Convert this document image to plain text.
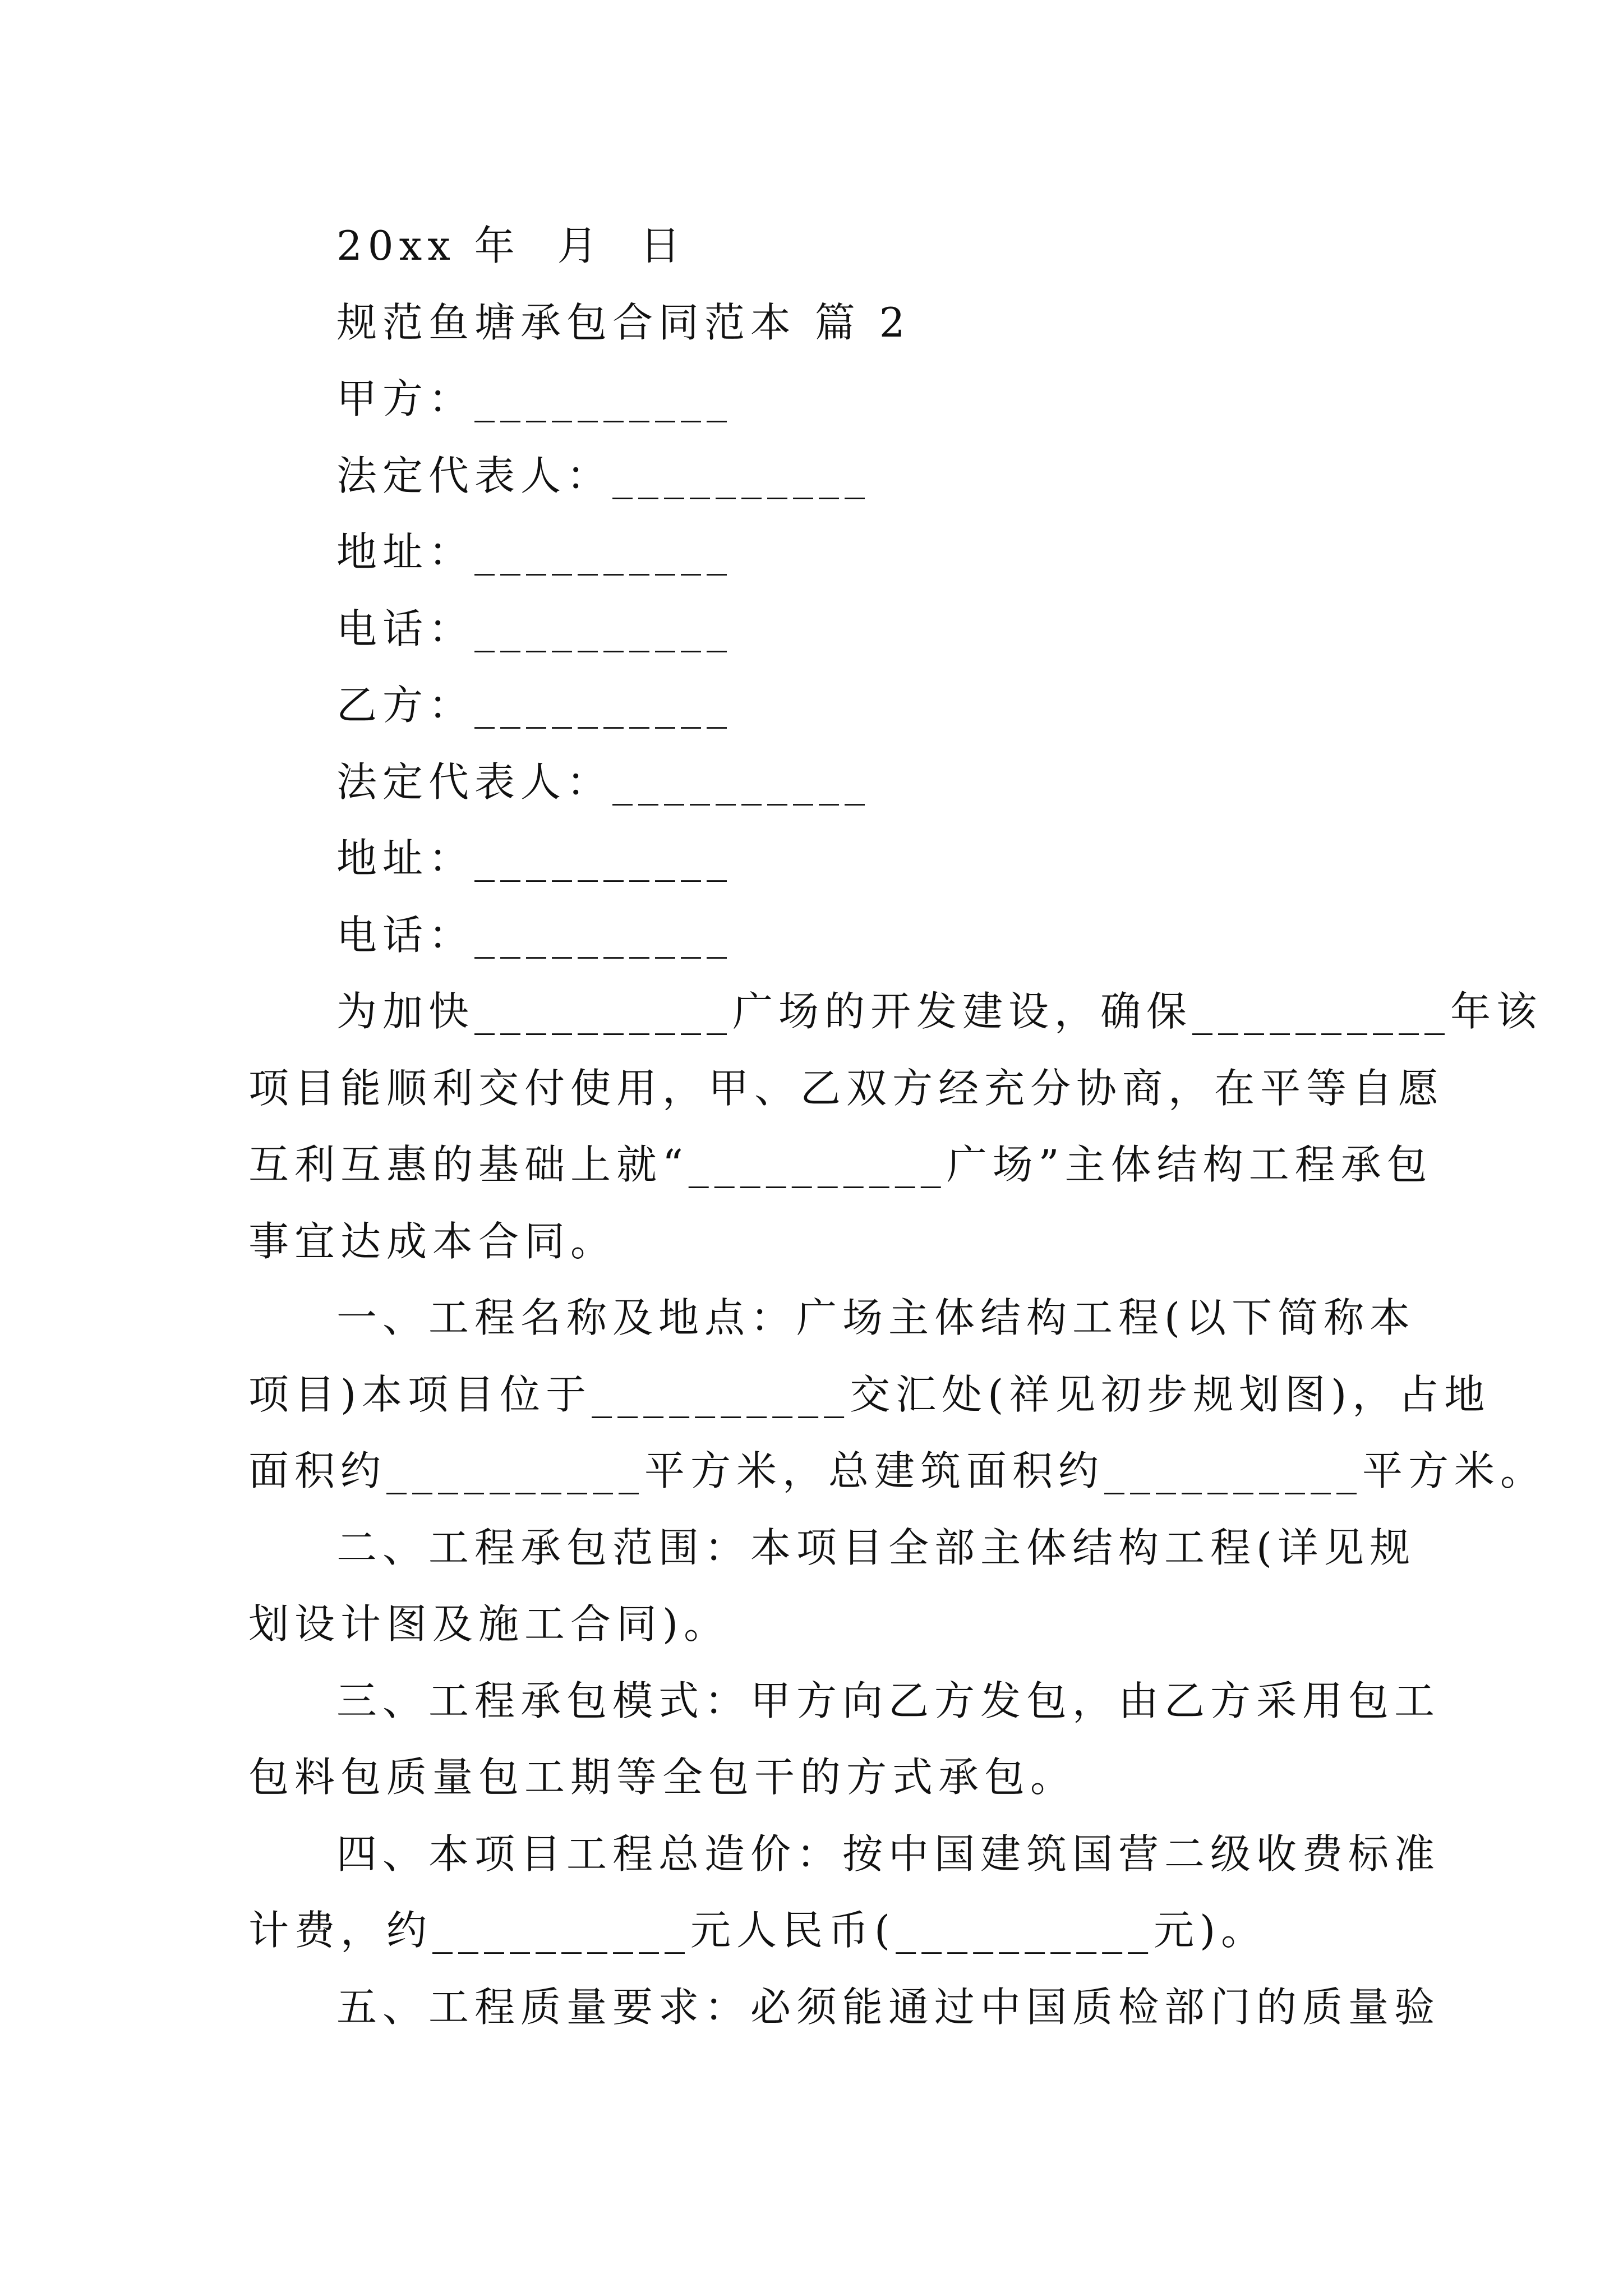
20xx 年  月  日
规范鱼塘承包合同范本 篇 2
甲方：__________
法定代表人：__________
地址：__________
电话：__________
乙方：__________
法定代表人：__________
地址：__________
电话：__________
为加快__________广场的开发建设，确保__________年该
项目能顺利交付使用，甲、乙双方经充分协商，在平等自愿
互利互惠的基础上就“__________广场”主体结构工程承包
事宜达成本合同。
一、工程名称及地点：广场主体结构工程(以下简称本
项目)本项目位于__________交汇处(祥见初步规划图)，占地
面积约__________平方米，总建筑面积约__________平方米。
二、工程承包范围：本项目全部主体结构工程(详见规
划设计图及施工合同)。
三、工程承包模式：甲方向乙方发包，由乙方采用包工
包料包质量包工期等全包干的方式承包。
四、本项目工程总造价：按中国建筑国营二级收费标准
计费，约__________元人民币(__________元)。
五、工程质量要求：必须能通过中国质检部门的质量验
